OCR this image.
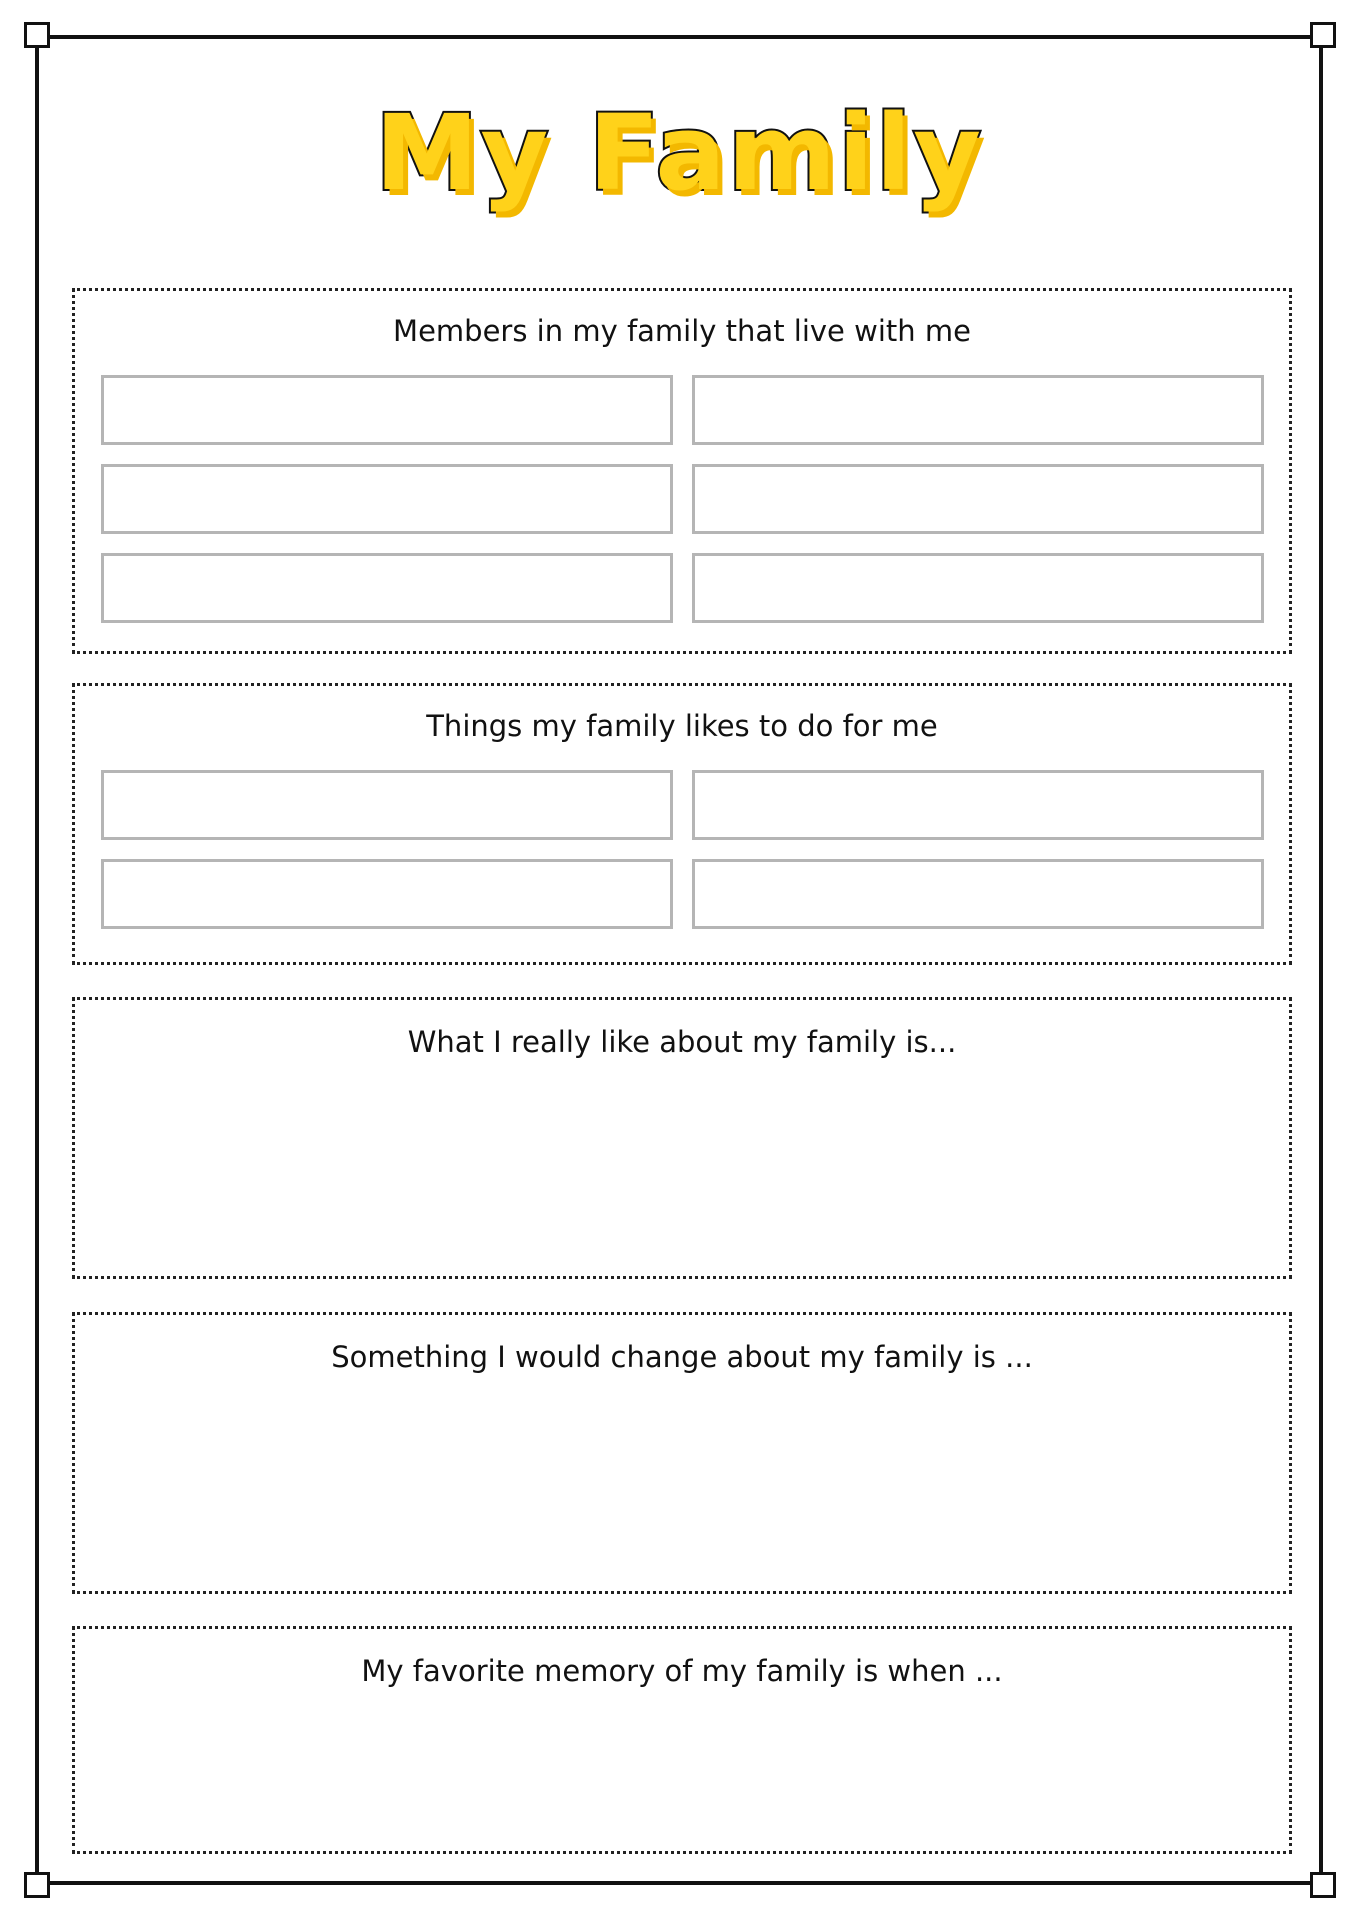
My Family
Members in my family that live with me
Things my family likes to do for me
What I really like about my family is...
Something I would change about my family is ...
My favorite memory of my family is when ...
